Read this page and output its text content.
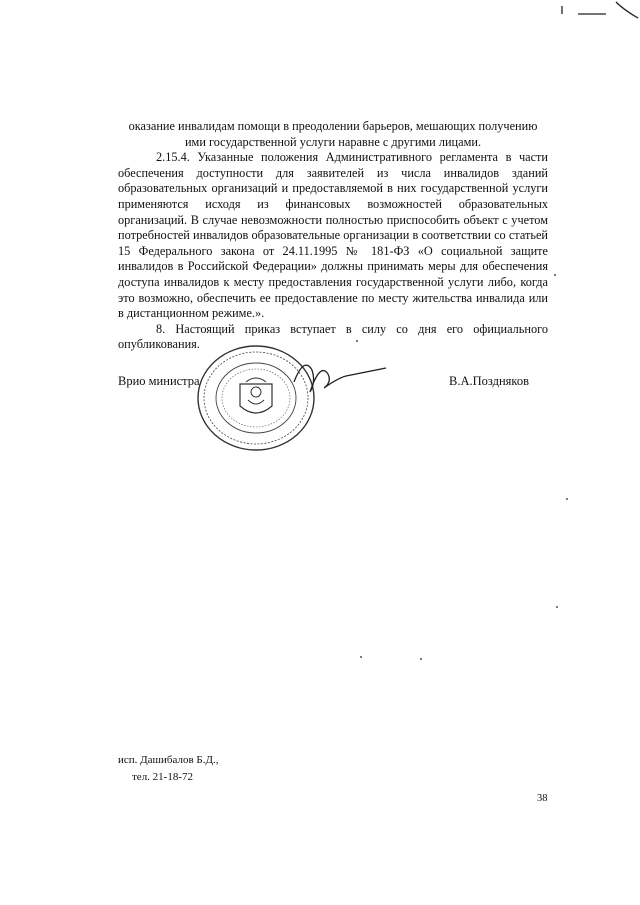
оказание инвалидам помощи в преодолении барьеров, мешающих получению ими государственной услуги наравне с другими лицами.

2.15.4. Указанные положения Административного регламента в части обеспечения доступности для заявителей из числа инвалидов зданий образовательных организаций и предоставляемой в них государственной услуги применяются исходя из финансовых возможностей образовательных организаций. В случае невозможности полностью приспособить объект с учетом потребностей инвалидов образовательные организации в соответствии со статьей 15 Федерального закона от 24.11.1995 № 181-ФЗ «О социальной защите инвалидов в Российской Федерации» должны принимать меры для обеспечения доступа инвалидов к месту предоставления государственной услуги либо, когда это возможно, обеспечить ее предоставление по месту жительства инвалида или в дистанционном режиме.».

8. Настоящий приказ вступает в силу со дня его официального опубликования.

Врио министра	В.А.Поздняков
исп. Дашибалов Б.Д.,
тел. 21-18-72
38
